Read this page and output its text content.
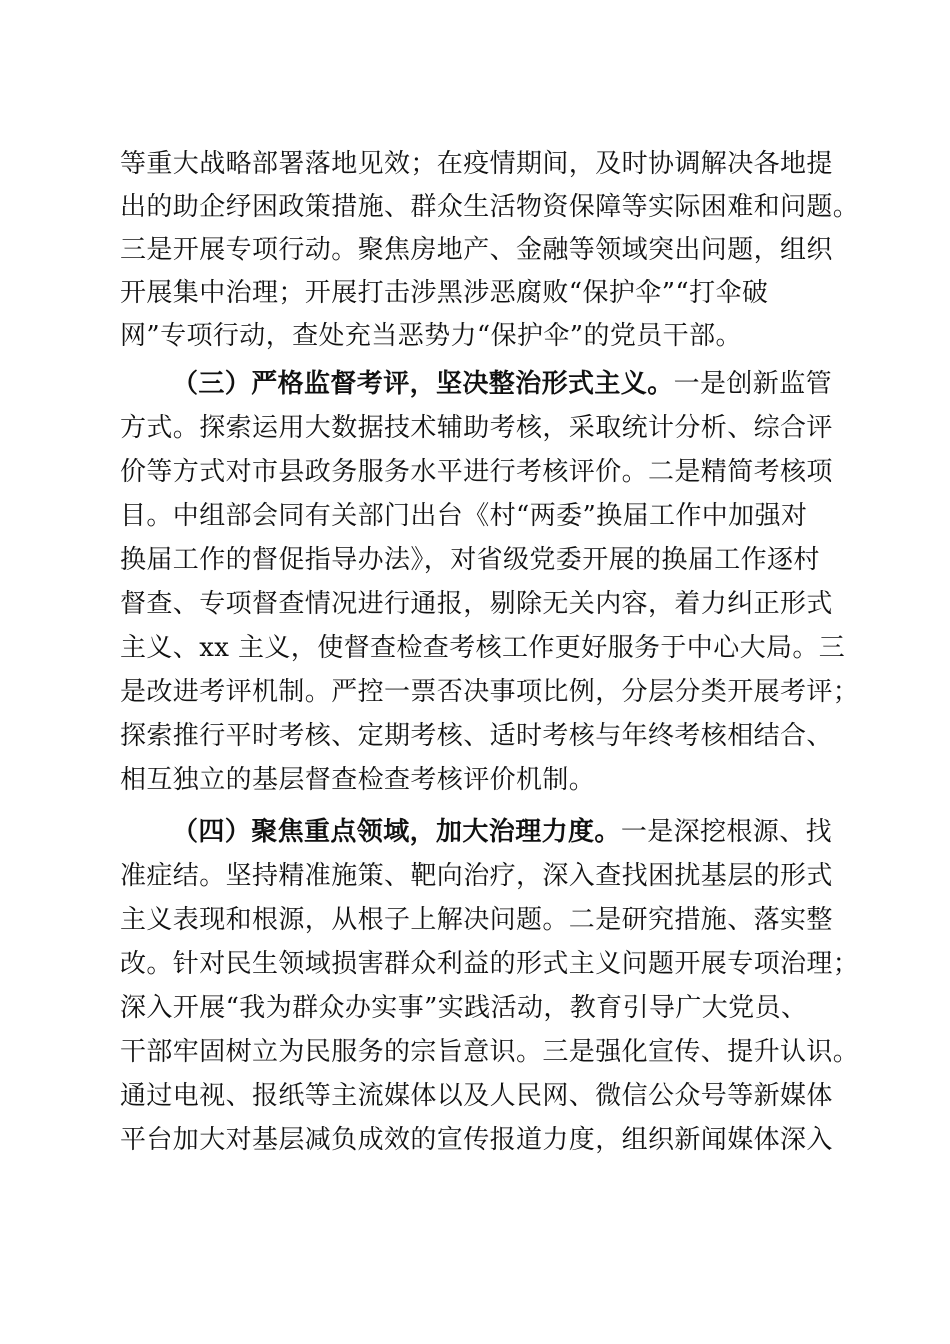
等重大战略部署落地见效；在疫情期间，及时协调解决各地提
出的助企纾困政策措施、群众生活物资保障等实际困难和问题。
三是开展专项行动。聚焦房地产、金融等领域突出问题，组织
开展集中治理；开展打击涉黑涉恶腐败“保护伞”“打伞破
网”专项行动，查处充当恶势力“保护伞”的党员干部。
（三）严格监督考评，坚决整治形式主义。一是创新监管
方式。探索运用大数据技术辅助考核，采取统计分析、综合评
价等方式对市县政务服务水平进行考核评价。二是精简考核项
目。中组部会同有关部门出台《村“两委”换届工作中加强对
换届工作的督促指导办法》，对省级党委开展的换届工作逐村
督查、专项督查情况进行通报，剔除无关内容，着力纠正形式
主义、xx 主义，使督查检查考核工作更好服务于中心大局。三
是改进考评机制。严控一票否决事项比例，分层分类开展考评；
探索推行平时考核、定期考核、适时考核与年终考核相结合、
相互独立的基层督查检查考核评价机制。
（四）聚焦重点领域，加大治理力度。一是深挖根源、找
准症结。坚持精准施策、靶向治疗，深入查找困扰基层的形式
主义表现和根源，从根子上解决问题。二是研究措施、落实整
改。针对民生领域损害群众利益的形式主义问题开展专项治理；
深入开展“我为群众办实事”实践活动，教育引导广大党员、
干部牢固树立为民服务的宗旨意识。三是强化宣传、提升认识。
通过电视、报纸等主流媒体以及人民网、微信公众号等新媒体
平台加大对基层减负成效的宣传报道力度，组织新闻媒体深入
